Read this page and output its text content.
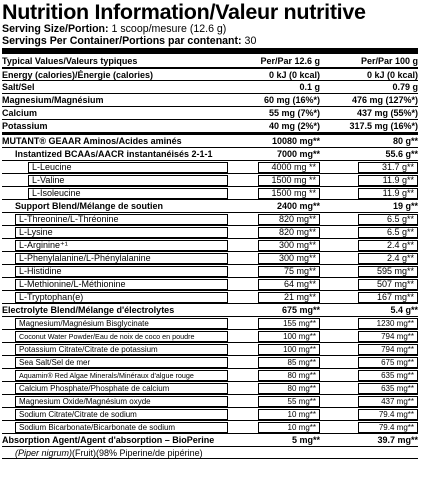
Nutrition Information/Valeur nutritive
Serving Size/Portion: 1 scoop/mesure (12.6 g)
Servings Per Container/Portions par contenant: 30
Typical Values/Valeurs typiques	Per/Par 12.6 g	Per/Par 100 g
Energy (calories)/Énergie (calories)	0 kJ (0 kcal)	0 kJ (0 kcal)
Salt/Sel	0.1 g	0.79 g
Magnesium/Magnésium	60 mg (16%*)	476 mg (127%*)
Calcium	55 mg (7%*)	437 mg (55%*)
Potassium	40 mg (2%*)	317.5 mg (16%*)
MUTANT® GEAAR Aminos/Acides aminés	10080 mg**	80 g**
Instantized BCAAs/AACR instantanéisés 2-1-1	7000 mg**	55.6 g**
L-Leucine	4000 mg **	31.7 g**
L-Valine	1500 mg **	11.9 g**
L-Isoleucine	1500 mg **	11.9 g**
Support Blend/Mélange de soutien	2400 mg**	19 g**
L-Threonine/L-Thréonine	820 mg**	6.5 g**
L-Lysine	820 mg**	6.5 g**
L-Arginine⁺¹	300 mg**	2.4 g**
L-Phenylalanine/L-Phénylalanine	300 mg**	2.4 g**
L-Histidine	75 mg**	595 mg**
L-Methionine/L-Méthionine	64 mg**	507 mg**
L-Tryptophan(e)	21 mg**	167 mg**
Electrolyte Blend/Mélange d'électrolytes	675 mg**	5.4 g**
Magnesium/Magnésium Bisglycinate	155 mg**	1230 mg**
Coconut Water Powder/Eau de noix de coco en poudre	100 mg**	794 mg**
Potassium Citrate/Citrate de potassium	100 mg**	794 mg**
Sea Salt/Sel de mer	85 mg**	675 mg**
Aquamin® Red Algae Minerals/Minéraux d'algue rouge	80 mg**	635 mg**
Calcium Phosphate/Phosphate de calcium	80 mg**	635 mg**
Magnesium Oxide/Magnésium oxyde	55 mg**	437 mg**
Sodium Citrate/Citrate de sodium	10 mg**	79.4 mg**
Sodium Bicarbonate/Bicarbonate de sodium	10 mg**	79.4 mg**
Absorption Agent/Agent d'absorption – BioPerine	5 mg**	39.7 mg**
(Piper nigrum)(Fruit)(98% Piperine/de pipérine)
